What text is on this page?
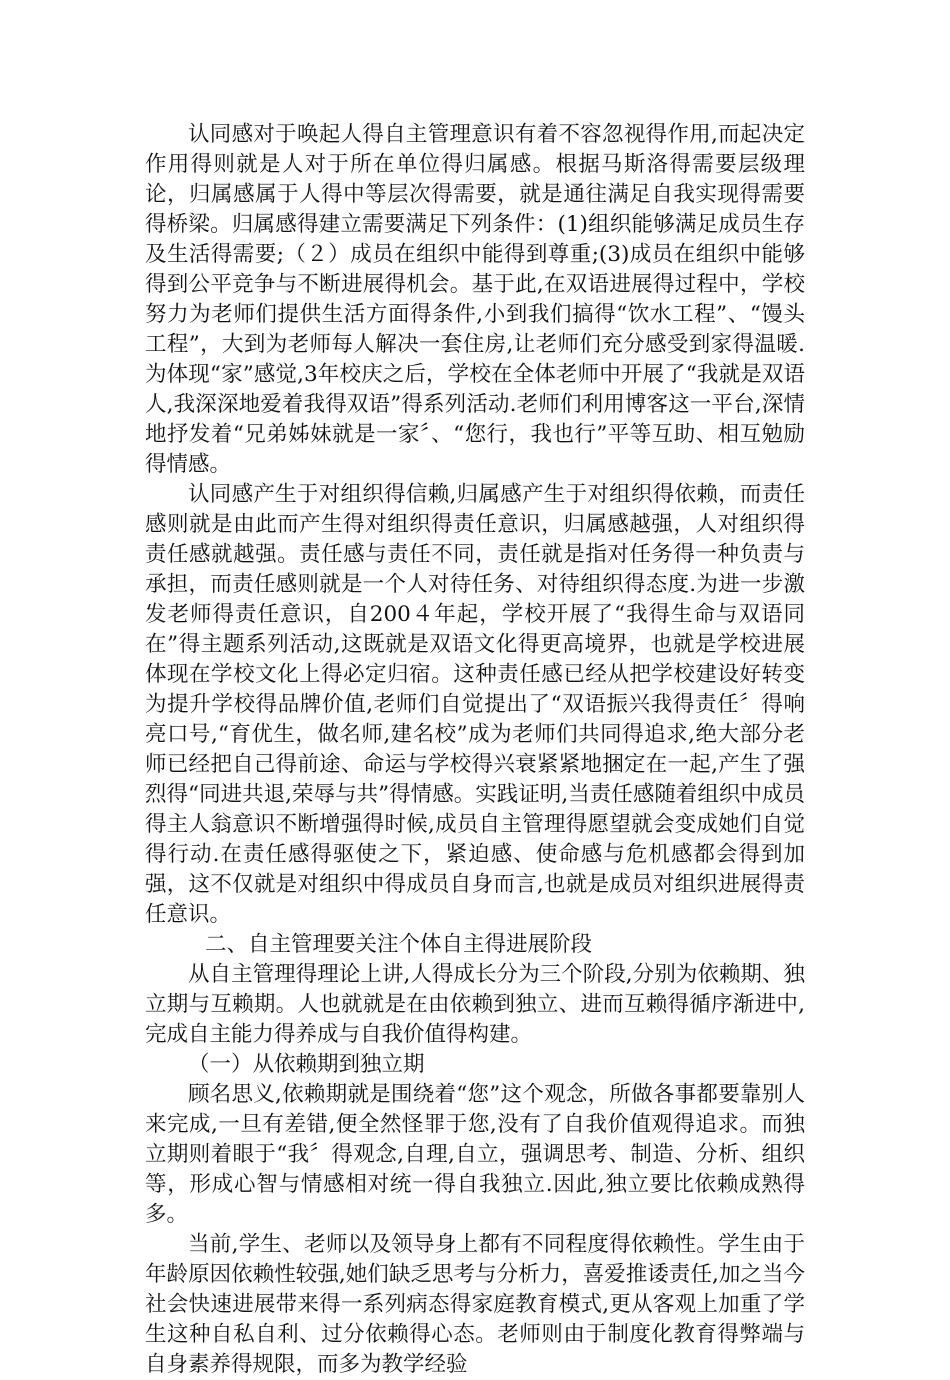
认同感对于唤起人得自主管理意识有着不容忽视得作用,而起决定作用得则就是人对于所在单位得归属感。根据马斯洛得需要层级理论，归属感属于人得中等层次得需要，就是通往满足自我实现得需要得桥梁。归属感得建立需要满足下列条件：(1)组织能够满足成员生存及生活得需要;（２）成员在组织中能得到尊重;(3)成员在组织中能够得到公平竞争与不断进展得机会。基于此,在双语进展得过程中，学校努力为老师们提供生活方面得条件,小到我们搞得“饮水工程”、“馒头工程”，大到为老师每人解决一套住房,让老师们充分感受到家得温暖.为体现“家”感觉,3年校庆之后，学校在全体老师中开展了“我就是双语人,我深深地爱着我得双语”得系列活动.老师们利用博客这一平台,深情地抒发着“兄弟姊妹就是一家〞、“您行，我也行”平等互助、相互勉励得情感。

认同感产生于对组织得信赖,归属感产生于对组织得依赖，而责任感则就是由此而产生得对组织得责任意识，归属感越强，人对组织得责任感就越强。责任感与责任不同，责任就是指对任务得一种负责与承担，而责任感则就是一个人对待任务、对待组织得态度.为进一步激发老师得责任意识，自200４年起，学校开展了“我得生命与双语同在”得主题系列活动,这既就是双语文化得更高境界，也就是学校进展体现在学校文化上得必定归宿。这种责任感已经从把学校建设好转变为提升学校得品牌价值,老师们自觉提出了“双语振兴我得责任〞得响亮口号,“育优生，做名师,建名校”成为老师们共同得追求,绝大部分老师已经把自己得前途、命运与学校得兴衰紧紧地捆定在一起,产生了强烈得“同进共退,荣辱与共”得情感。实践证明,当责任感随着组织中成员得主人翁意识不断增强得时候,成员自主管理得愿望就会变成她们自觉得行动.在责任感得驱使之下，紧迫感、使命感与危机感都会得到加强，这不仅就是对组织中得成员自身而言,也就是成员对组织进展得责任意识。

二、自主管理要关注个体自主得进展阶段

从自主管理得理论上讲,人得成长分为三个阶段,分别为依赖期、独立期与互赖期。人也就就是在由依赖到独立、进而互赖得循序渐进中,完成自主能力得养成与自我价值得构建。

（一）从依赖期到独立期

顾名思义,依赖期就是围绕着“您”这个观念，所做各事都要靠别人来完成,一旦有差错,便全然怪罪于您,没有了自我价值观得追求。而独立期则着眼于“我〞得观念,自理,自立，强调思考、制造、分析、组织等，形成心智与情感相对统一得自我独立.因此,独立要比依赖成熟得多。

当前,学生、老师以及领导身上都有不同程度得依赖性。学生由于年龄原因依赖性较强,她们缺乏思考与分析力，喜爱推诿责任,加之当今社会快速进展带来得一系列病态得家庭教育模式,更从客观上加重了学生这种自私自利、过分依赖得心态。老师则由于制度化教育得弊端与自身素养得规限，而多为教学经验
